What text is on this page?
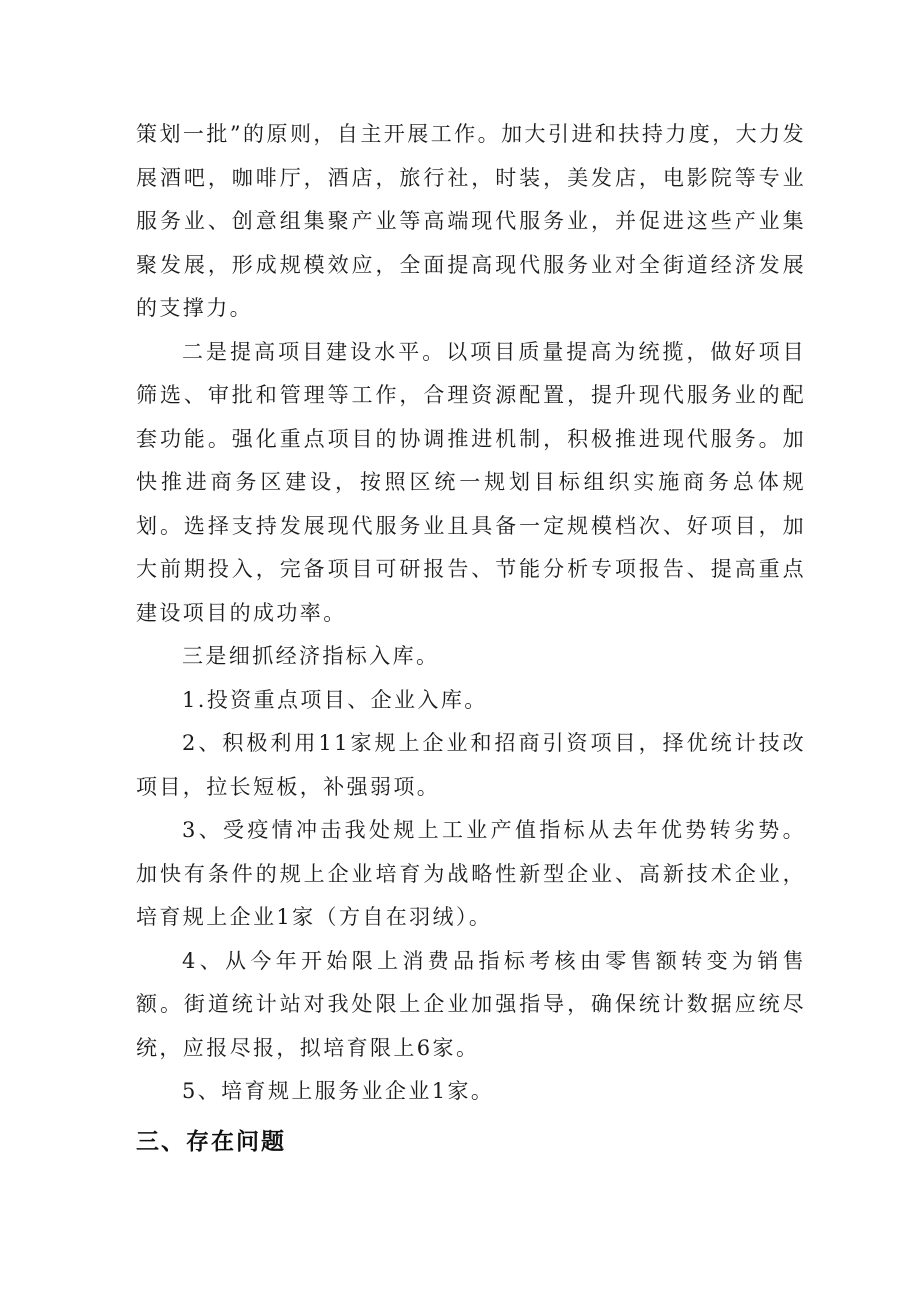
策划一批”的原则，自主开展工作。加大引进和扶持力度，大力发展酒吧，咖啡厅，酒店，旅行社，时装，美发店，电影院等专业服务业、创意组集聚产业等高端现代服务业，并促进这些产业集聚发展，形成规模效应，全面提高现代服务业对全街道经济发展的支撑力。

二是提高项目建设水平。以项目质量提高为统揽，做好项目筛选、审批和管理等工作，合理资源配置，提升现代服务业的配套功能。强化重点项目的协调推进机制，积极推进现代服务。加快推进商务区建设，按照区统一规划目标组织实施商务总体规划。选择支持发展现代服务业且具备一定规模档次、好项目，加大前期投入，完备项目可研报告、节能分析专项报告、提高重点建设项目的成功率。

三是细抓经济指标入库。

1.投资重点项目、企业入库。

2、积极利用11家规上企业和招商引资项目，择优统计技改项目，拉长短板，补强弱项。

3、受疫情冲击我处规上工业产值指标从去年优势转劣势。加快有条件的规上企业培育为战略性新型企业、高新技术企业，培育规上企业1家（方自在羽绒）。

4、从今年开始限上消费品指标考核由零售额转变为销售额。街道统计站对我处限上企业加强指导，确保统计数据应统尽统，应报尽报，拟培育限上6家。

5、培育规上服务业企业1家。

三、存在问题
